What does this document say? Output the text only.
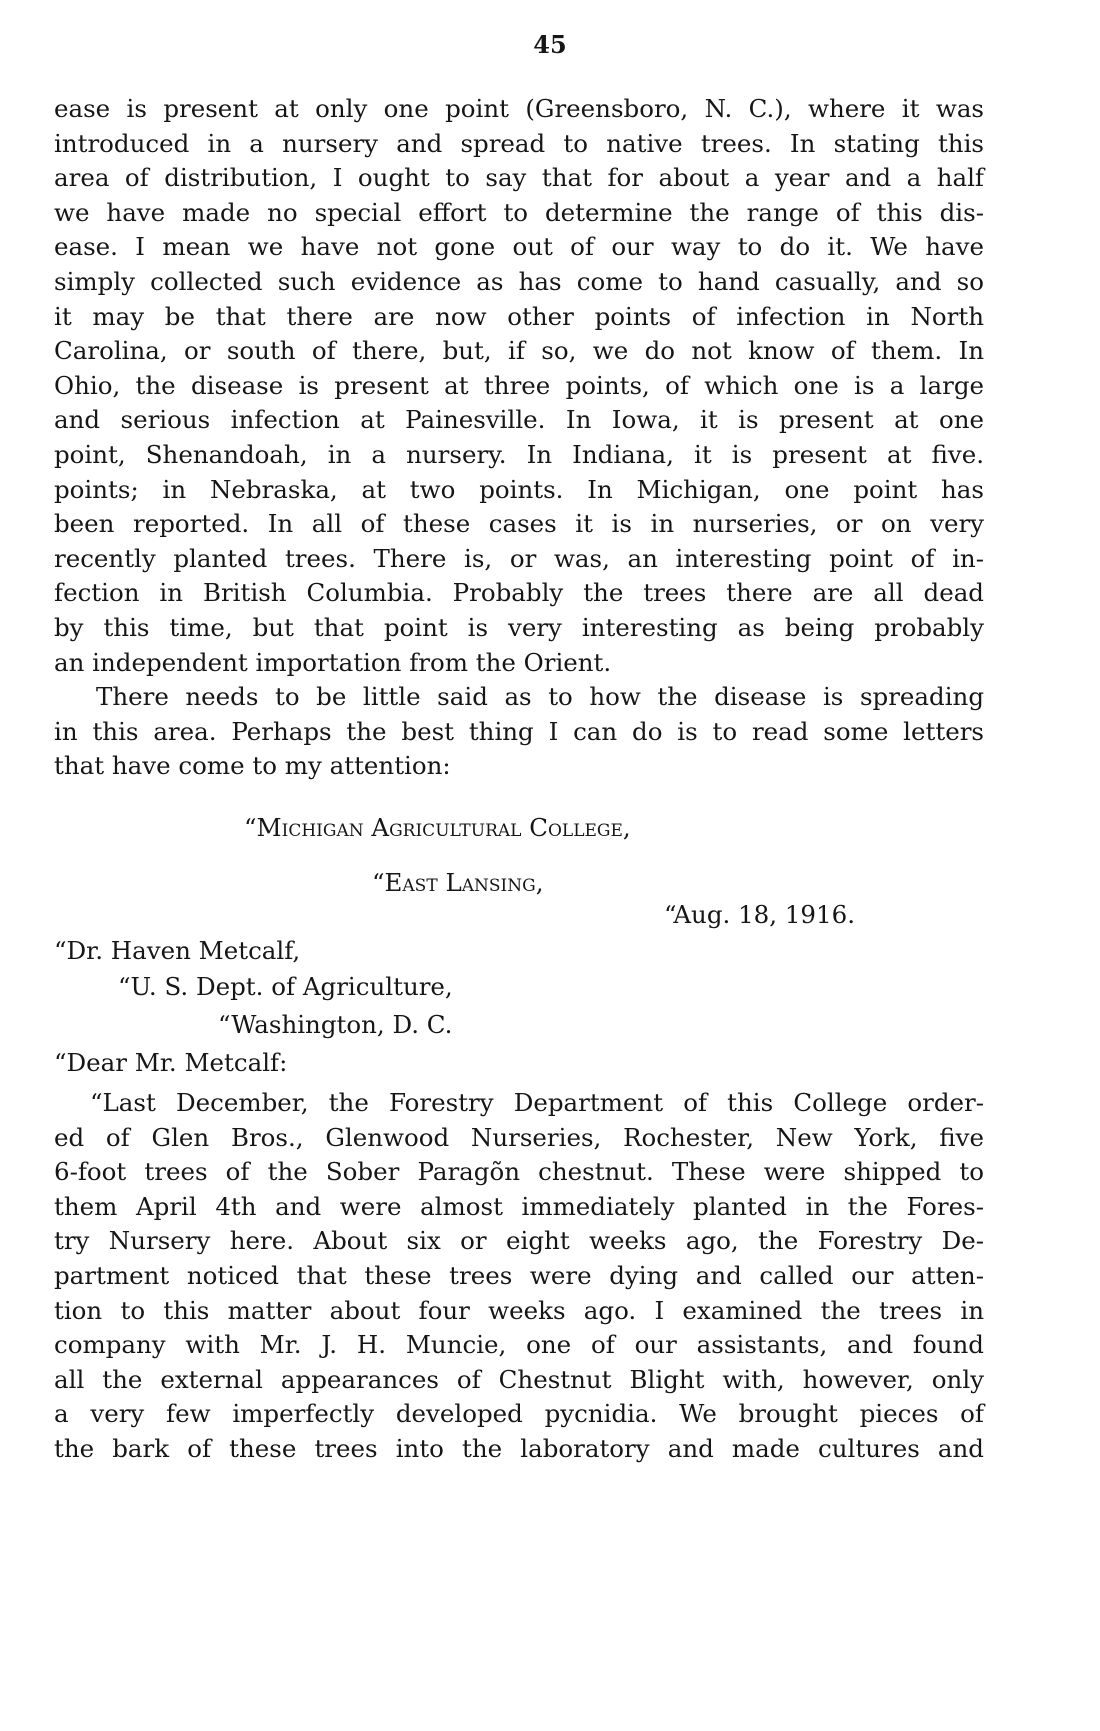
45
ease is present at only one point (Greensboro, N. C.), where it was
introduced in a nursery and spread to native trees. In stating this
area of distribution, I ought to say that for about a year and a half
we have made no special effort to determine the range of this dis-
ease. I mean we have not gone out of our way to do it. We have
simply collected such evidence as has come to hand casually, and so
it may be that there are now other points of infection in North
Carolina, or south of there, but, if so, we do not know of them. In
Ohio, the disease is present at three points, of which one is a large
and serious infection at Painesville. In Iowa, it is present at one
point, Shenandoah, in a nursery. In Indiana, it is present at five.
points; in Nebraska, at two points. In Michigan, one point has
been reported. In all of these cases it is in nurseries, or on very
recently planted trees. There is, or was, an interesting point of in-
fection in British Columbia. Probably the trees there are all dead
by this time, but that point is very interesting as being probably
an independent importation from the Orient.
There needs to be little said as to how the disease is spreading
in this area. Perhaps the best thing I can do is to read some letters
that have come to my attention:
“Michigan Agricultural College,
“East Lansing,
“Aug. 18, 1916.
“Dr. Haven Metcalf,
“U. S. Dept. of Agriculture,
“Washington, D. C.
“Dear Mr. Metcalf:
“Last December, the Forestry Department of this College order-
ed of Glen Bros., Glenwood Nurseries, Rochester, New York, five
6-foot trees of the Sober Paragõn chestnut. These were shipped to
them April 4th and were almost immediately planted in the Fores-
try Nursery here. About six or eight weeks ago, the Forestry De-
partment noticed that these trees were dying and called our atten-
tion to this matter about four weeks ago. I examined the trees in
company with Mr. J. H. Muncie, one of our assistants, and found
all the external appearances of Chestnut Blight with, however, only
a very few imperfectly developed pycnidia. We brought pieces of
the bark of these trees into the laboratory and made cultures and
